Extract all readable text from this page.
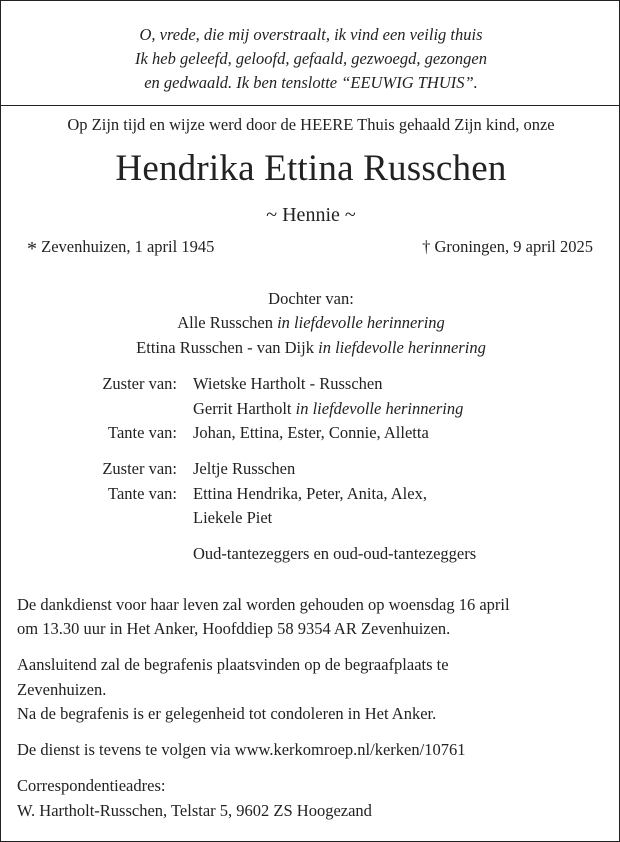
O, vrede, die mij overstraalt, ik vind een veilig thuis
Ik heb geleefd, geloofd, gefaald, gezwoegd, gezongen
en gedwaald. Ik ben tenslotte “EEUWIG THUIS”.
Op Zijn tijd en wijze werd door de HEERE Thuis gehaald Zijn kind, onze
Hendrika Ettina Russchen
~ Hennie ~
* Zevenhuizen, 1 april 1945	† Groningen, 9 april 2025
Dochter van:
Alle Russchen in liefdevolle herinnering
Ettina Russchen - van Dijk in liefdevolle herinnering
Zuster van: Wietske Hartholt - Russchen
Gerrit Hartholt in liefdevolle herinnering
Tante van: Johan, Ettina, Ester, Connie, Alletta
Zuster van: Jeltje Russchen
Tante van: Ettina Hendrika, Peter, Anita, Alex,
Liekele Piet
Oud-tantezeggers en oud-oud-tantezeggers
De dankdienst voor haar leven zal worden gehouden op woensdag 16 april
om 13.30 uur in Het Anker, Hoofddiep 58 9354 AR Zevenhuizen.
Aansluitend zal de begrafenis plaatsvinden op de begraafplaats te
Zevenhuizen.
Na de begrafenis is er gelegenheid tot condoleren in Het Anker.
De dienst is tevens te volgen via www.kerkomroep.nl/kerken/10761
Correspondentieadres:
W. Hartholt-Russchen, Telstar 5, 9602 ZS Hoogezand
